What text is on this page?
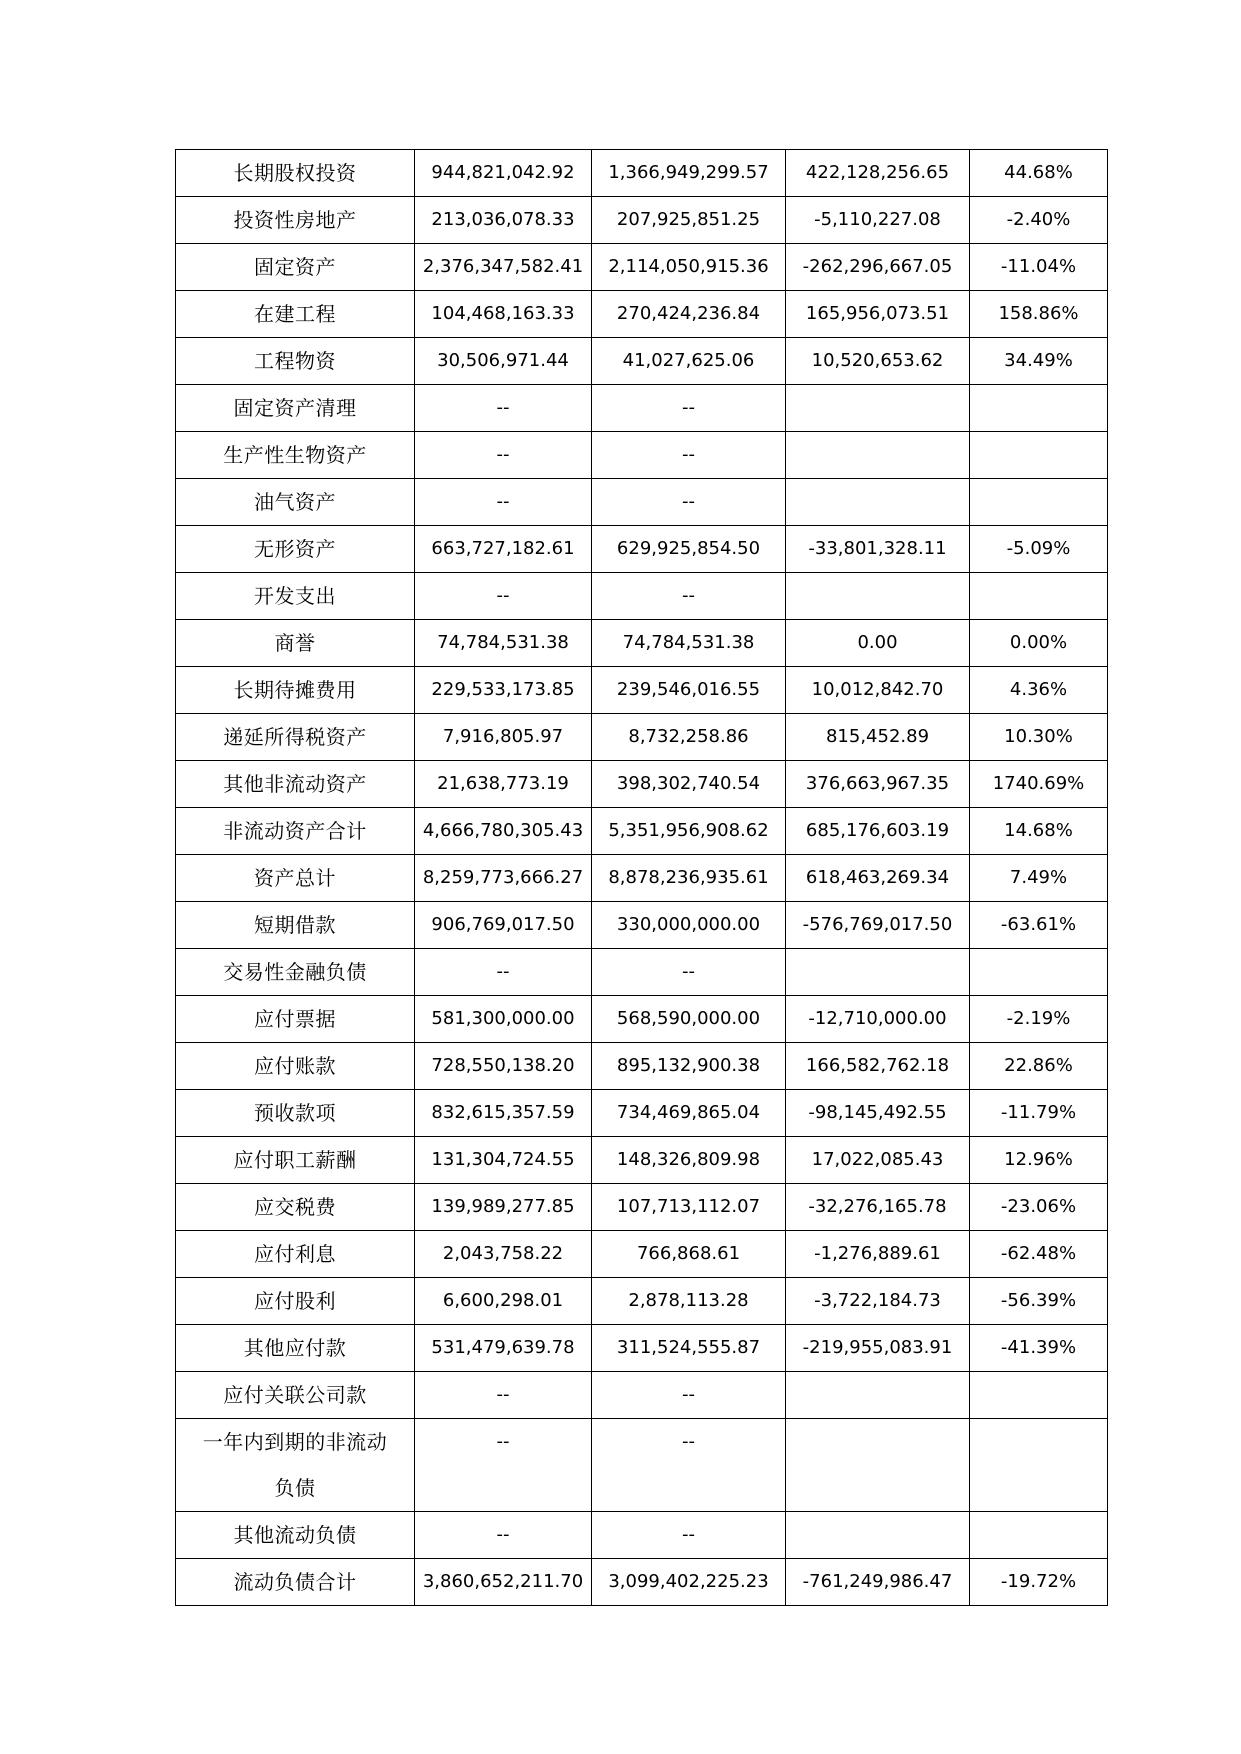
长期股权投资	944,821,042.92	1,366,949,299.57	422,128,256.65	44.68%
投资性房地产	213,036,078.33	207,925,851.25	-5,110,227.08	-2.40%
固定资产	2,376,347,582.41	2,114,050,915.36	-262,296,667.05	-11.04%
在建工程	104,468,163.33	270,424,236.84	165,956,073.51	158.86%
工程物资	30,506,971.44	41,027,625.06	10,520,653.62	34.49%
固定资产清理	--	--		
生产性生物资产	--	--		
油气资产	--	--		
无形资产	663,727,182.61	629,925,854.50	-33,801,328.11	-5.09%
开发支出	--	--		
商誉	74,784,531.38	74,784,531.38	0.00	0.00%
长期待摊费用	229,533,173.85	239,546,016.55	10,012,842.70	4.36%
递延所得税资产	7,916,805.97	8,732,258.86	815,452.89	10.30%
其他非流动资产	21,638,773.19	398,302,740.54	376,663,967.35	1740.69%
非流动资产合计	4,666,780,305.43	5,351,956,908.62	685,176,603.19	14.68%
资产总计	8,259,773,666.27	8,878,236,935.61	618,463,269.34	7.49%
短期借款	906,769,017.50	330,000,000.00	-576,769,017.50	-63.61%
交易性金融负债	--	--		
应付票据	581,300,000.00	568,590,000.00	-12,710,000.00	-2.19%
应付账款	728,550,138.20	895,132,900.38	166,582,762.18	22.86%
预收款项	832,615,357.59	734,469,865.04	-98,145,492.55	-11.79%
应付职工薪酬	131,304,724.55	148,326,809.98	17,022,085.43	12.96%
应交税费	139,989,277.85	107,713,112.07	-32,276,165.78	-23.06%
应付利息	2,043,758.22	766,868.61	-1,276,889.61	-62.48%
应付股利	6,600,298.01	2,878,113.28	-3,722,184.73	-56.39%
其他应付款	531,479,639.78	311,524,555.87	-219,955,083.91	-41.39%
应付关联公司款	--	--		

一年内到期的非流动
负债	--	--		
其他流动负债	--	--		
流动负债合计	3,860,652,211.70	3,099,402,225.23	-761,249,986.47	-19.72%
